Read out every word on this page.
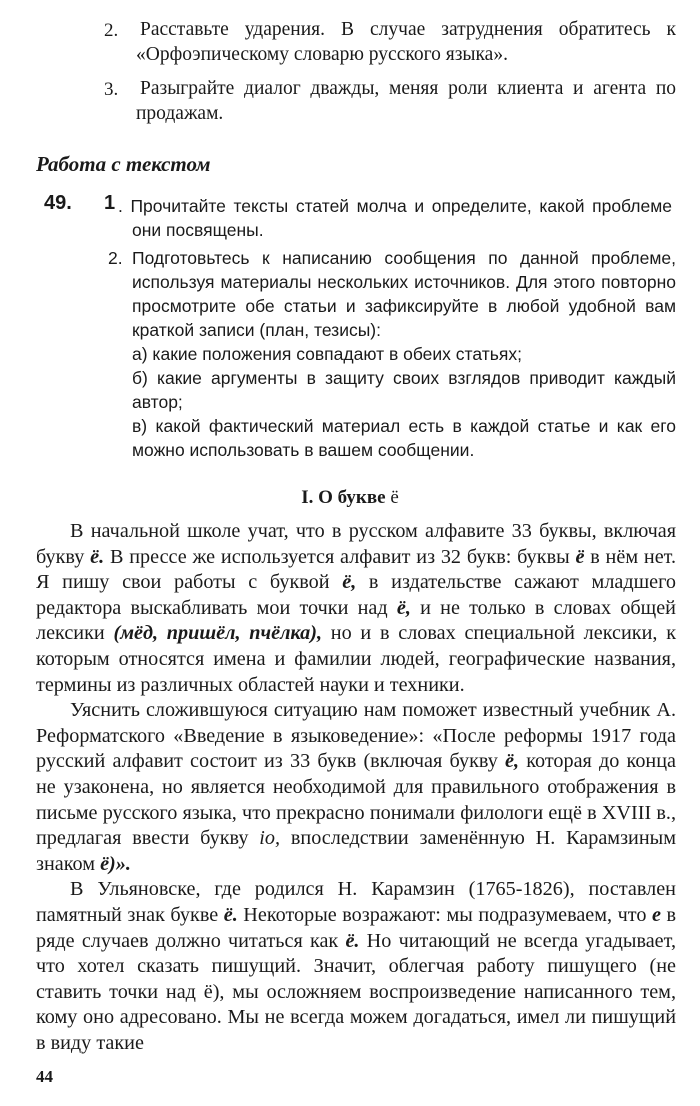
2. Расставьте ударения. В случае затруднения обратитесь к «Орфоэпическому словарю русского языка».
3. Разыграйте диалог дважды, меняя роли клиента и агента по продажам.
Работа с текстом
49. 1 . Прочитайте тексты статей молча и определите, какой проблеме они посвящены.
2. Подготовьтесь к написанию сообщения по данной проблеме, используя материалы нескольких источников. Для этого повторно просмотрите обе статьи и зафиксируйте в любой удобной вам краткой записи (план, тезисы):
а) какие положения совпадают в обеих статьях;
б) какие аргументы в защиту своих взглядов приводит каждый автор;
в) какой фактический материал есть в каждой статье и как его можно использовать в вашем сообщении.
I. О букве ё

В начальной школе учат, что в русском алфавите 33 буквы, включая букву ё. В прессе же используется алфавит из 32 букв: буквы ё в нём нет. Я пишу свои работы с буквой ё, в издательстве сажают младшего редактора выскабливать мои точки над ё, и не только в словах общей лексики (мёд, пришёл, пчёлка), но и в словах специальной лексики, к которым относятся имена и фамилии людей, географические названия, термины из различных областей науки и техники.

Уяснить сложившуюся ситуацию нам поможет известный учебник А. Реформатского «Введение в языковедение»: «После реформы 1917 года русский алфавит состоит из 33 букв (включая букву ё, которая до конца не узаконена, но является необходимой для правильного отображения в письме русского языка, что прекрасно понимали филологи ещё в XVIII в., предлагая ввести букву io, впоследствии заменённую Н. Карамзиным знаком ё)».

В Ульяновске, где родился Н. Карамзин (1765-1826), поставлен памятный знак букве ё. Некоторые возражают: мы подразумеваем, что е в ряде случаев должно читаться как ё. Но читающий не всегда угадывает, что хотел сказать пишущий. Значит, облегчая работу пишущего (не ставить точки над ё), мы осложняем воспроизведение написанного тем, кому оно адресовано. Мы не всегда можем догадаться, имел ли пишущий в виду такие

44
